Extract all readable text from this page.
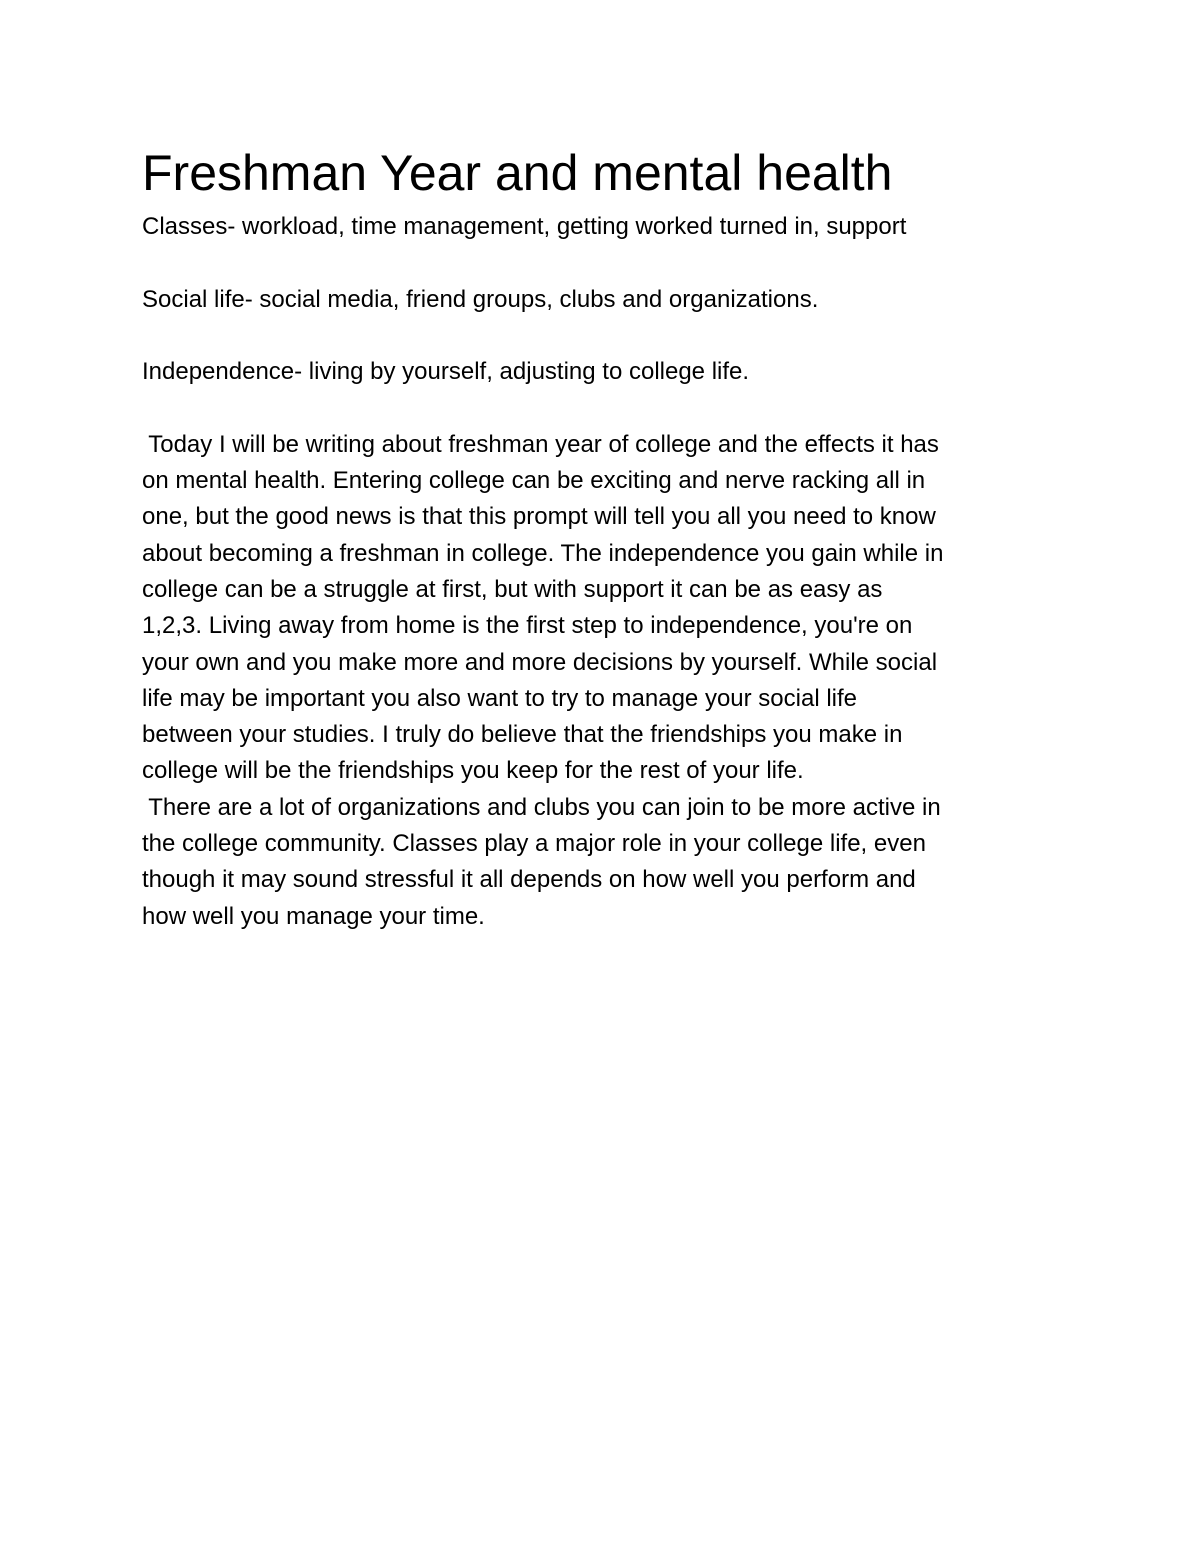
Freshman Year and mental health

Classes- workload, time management, getting worked turned in, support

Social life- social media, friend groups, clubs and organizations.

Independence- living by yourself, adjusting to college life.

Today I will be writing about freshman year of college and the effects it has

on mental health. Entering college can be exciting and nerve racking all in

one, but the good news is that this prompt will tell you all you need to know

about becoming a freshman in college. The independence you gain while in

college can be a struggle at first, but with support it can be as easy as

1,2,3. Living away from home is the first step to independence, you're on

your own and you make more and more decisions by yourself. While social

life may be important you also want to try to manage your social life

between your studies. I truly do believe that the friendships you make in

college will be the friendships you keep for the rest of your life.

There are a lot of organizations and clubs you can join to be more active in

the college community. Classes play a major role in your college life, even

though it may sound stressful it all depends on how well you perform and

how well you manage your time.
